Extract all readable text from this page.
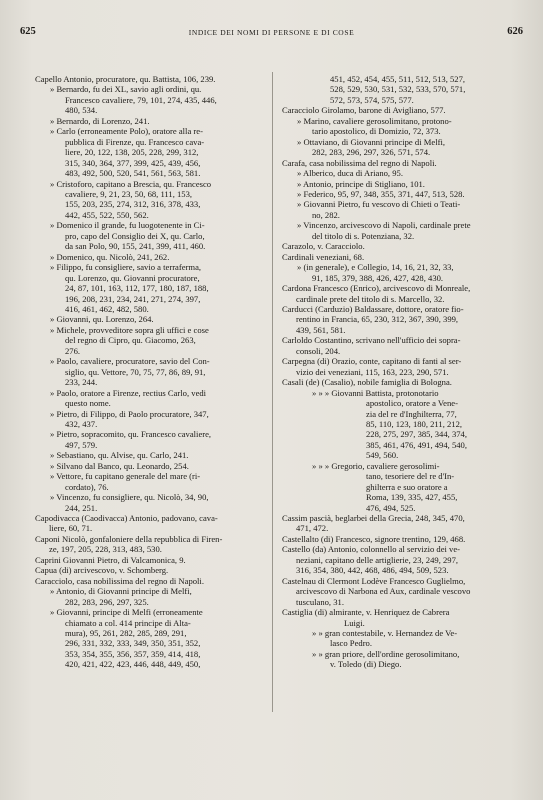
625	INDICE DEI NOMI DI PERSONE E DI COSE	626
Capello Antonio, procuratore, qu. Battista, 106, 239.
» Bernardo, fu dei XL, savio agli ordini, qu.
Francesco cavaliere, 79, 101, 274, 435, 446,
480, 534.
» Bernardo, di Lorenzo, 241.
» Carlo (erroneamente Polo), oratore alla re-
pubblica di Firenze, qu. Francesco cava-
liere, 20, 122, 138, 205, 228, 299, 312,
315, 340, 364, 377, 399, 425, 439, 456,
483, 492, 500, 520, 541, 561, 563, 581.
» Cristoforo, capitano a Brescia, qu. Francesco
cavaliere, 9, 21, 23, 50, 68, 111, 153,
155, 203, 235, 274, 312, 316, 378, 433,
442, 455, 522, 550, 562.
» Domenico il grande, fu luogotenente in Ci-
pro, capo del Consiglio dei X, qu. Carlo,
da san Polo, 90, 155, 241, 399, 411, 460.
» Domenico, qu. Nicolò, 241, 262.
» Filippo, fu consigliere, savio a terraferma,
qu. Lorenzo, qu. Giovanni procuratore,
24, 87, 101, 163, 112, 177, 180, 187, 188,
196, 208, 231, 234, 241, 271, 274, 397,
416, 461, 462, 482, 580.
» Giovanni, qu. Lorenzo, 264.
» Michele, provveditore sopra gli uffici e cose
del regno di Cipro, qu. Giacomo, 263,
276.
» Paolo, cavaliere, procuratore, savio del Con-
siglio, qu. Vettore, 70, 75, 77, 86, 89, 91,
233, 244.
» Paolo, oratore a Firenze, rectius Carlo, vedi
questo nome.
» Pietro, di Filippo, di Paolo procuratore, 347,
432, 437.
» Pietro, sopracomito, qu. Francesco cavaliere,
497, 579.
» Sebastiano, qu. Alvise, qu. Carlo, 241.
» Silvano dal Banco, qu. Leonardo, 254.
» Vettore, fu capitano generale del mare (ri-
cordato), 76.
» Vincenzo, fu consigliere, qu. Nicolò, 34, 90,
244, 251.
Capodivacca (Caodivacca) Antonio, padovano, cava-
liere, 60, 71.
Caponi Nicolò, gonfaloniere della repubblica di Firen-
ze, 197, 205, 228, 313, 483, 530.
Caprini Giovanni Pietro, di Valcamonica, 9.
Capua (di) arcivescovo, v. Schomberg.
Caracciolo, casa nobilissima del regno di Napoli.
» Antonio, di Giovanni principe di Melfi,
282, 283, 296, 297, 325.
» Giovanni, principe di Melfi (erroneamente
chiamato a col. 414 principe di Alta-
mura), 95, 261, 282, 285, 289, 291,
296, 331, 332, 333, 349, 350, 351, 352,
353, 354, 355, 356, 357, 359, 414, 418,
420, 421, 422, 423, 446, 448, 449, 450,
451, 452, 454, 455, 511, 512, 513, 527,
528, 529, 530, 531, 532, 533, 570, 571,
572, 573, 574, 575, 577.
Caracciolo Girolamo, barone di Avigliano, 577.
» Marino, cavaliere gerosolimitano, protono-
tario apostolico, di Domizio, 72, 373.
» Ottaviano, di Giovanni principe di Melfi,
282, 283, 296, 297, 326, 571, 574.
Carafa, casa nobilissima del regno di Napoli.
» Alberico, duca di Ariano, 95.
» Antonio, principe di Stigliano, 101.
» Federico, 95, 97, 348, 355, 371, 447, 513, 528.
» Giovanni Pietro, fu vescovo di Chieti o Teati-
no, 282.
» Vincenzo, arcivescovo di Napoli, cardinale prete
del titolo di s. Potenziana, 32.
Carazolo, v. Caracciolo.
Cardinali veneziani, 68.
» (in generale), e Collegio, 14, 16, 21, 32, 33,
91, 185, 379, 388, 426, 427, 428, 430.
Cardona Francesco (Enrico), arcivescovo di Monreale,
cardinale prete del titolo di s. Marcello, 32.
Carducci (Carduzio) Baldassare, dottore, oratore fio-
rentino in Francia, 65, 230, 312, 367, 390, 399,
439, 561, 581.
Carloldo Costantino, scrivano nell'ufficio dei sopra-
consoli, 204.
Carpegna (di) Orazio, conte, capitano di fanti al ser-
vizio dei veneziani, 115, 163, 223, 290, 571.
Casali (de) (Casalio), nobile famiglia di Bologna.
» » » Giovanni Battista, protonotario
apostolico, oratore a Vene-
zia del re d'Inghilterra, 77,
85, 110, 123, 180, 211, 212,
228, 275, 297, 385, 344, 374,
385, 461, 476, 491, 494, 540,
549, 560.
» » » Gregorio, cavaliere gerosolimi-
tano, tesoriere del re d'In-
ghilterra e suo oratore a
Roma, 139, 335, 427, 455,
476, 494, 525.
Cassim pascià, beglarbei della Grecia, 248, 345, 470,
471, 472.
Castellalto (di) Francesco, signore trentino, 129, 468.
Castello (da) Antonio, colonnello al servizio dei ve-
neziani, capitano delle artiglierie, 23, 249, 297,
316, 354, 380, 442, 468, 486, 494, 509, 523.
Castelnau di Clermont Lodève Francesco Guglielmo,
arcivescovo di Narbona ed Aux, cardinale vescovo
tusculano, 31.
Castiglia (di) almirante, v. Henriquez de Cabrera
Luigi.
» » gran contestabile, v. Hernandez de Ve-
lasco Pedro.
» » gran priore, dell'ordine gerosolimitano,
v. Toledo (di) Diego.
